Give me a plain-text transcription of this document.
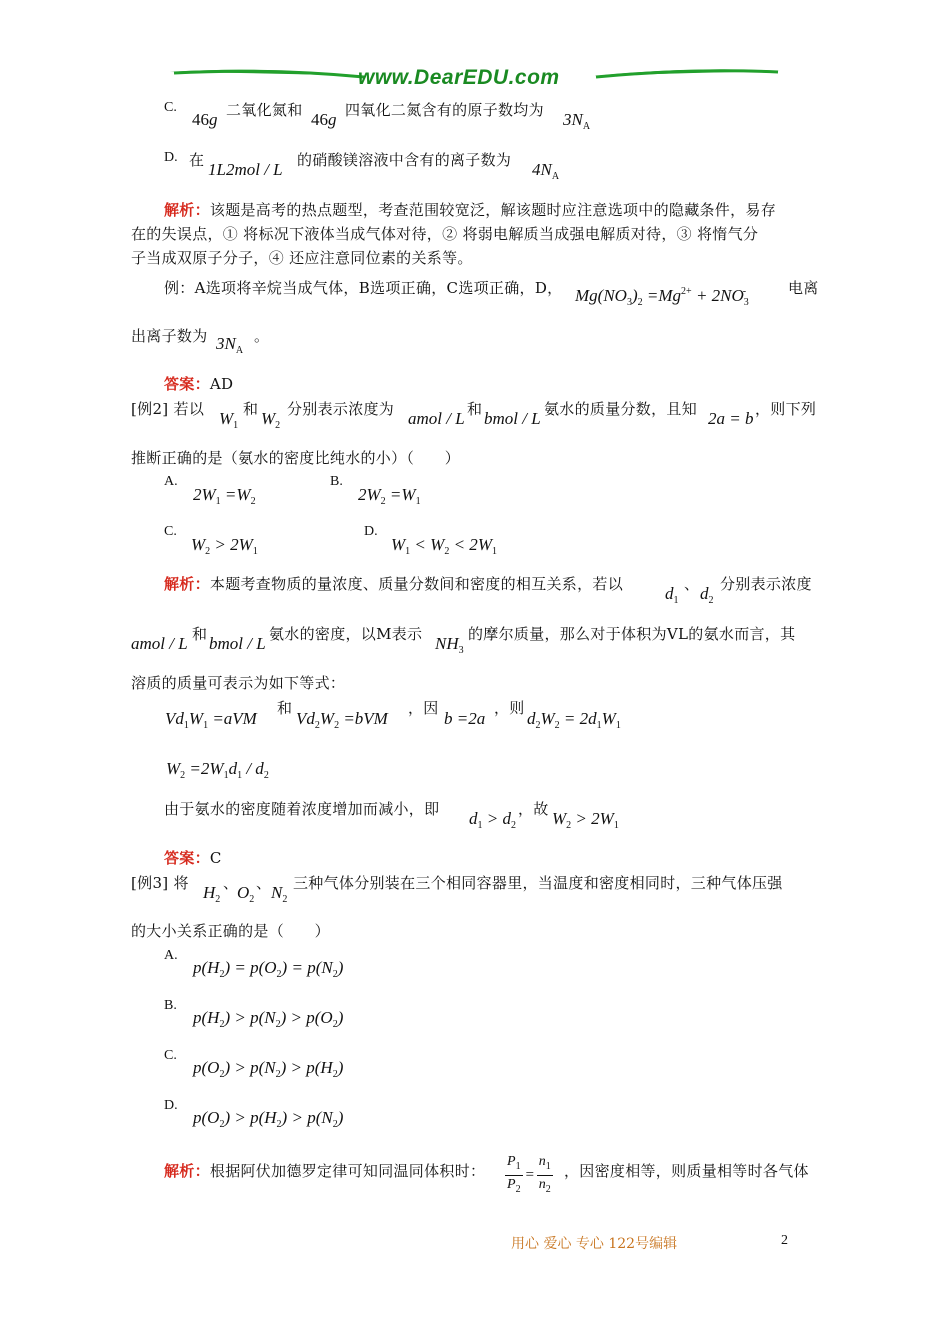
www.DearEDU.com
C.
46g 二氧化氮和 46g 四氧化二氮含有的原子数均为 $3N_A$
D. 在 1L2mol / L 的硝酸镁溶液中含有的离子数为 $4N_A$
解析：该题是高考的热点题型，考查范围较宽泛，解该题时应注意选项中的隐藏条件，易存
在的失误点，① 将标况下液体当成气体对待，② 将弱电解质当成强电解质对待，③ 将惰气分
子当成双原子分子，④ 还应注意同位素的关系等。
例：A选项将辛烷当成气体，B选项正确，C选项正确，D， $Mg(NO_3)_2 =Mg^{2+} + 2NO_3^-$	电离
出离子数为 $3N_A$
。
答案：AD
[例2] 若以 $W_1$
和 $W_2$
分别表示浓度为 amol / L 和 bmol / L 氨水的质量分数，且知 2a = b ，则下列
推断正确的是（氨水的密度比纯水的小）（　　）
A.
$2W_1 =W_2$
B.
$2W_2 =W_1$
C.
$W_2 > 2W_1$
D.
$W_1 < W_2 < 2W_1$
解析：本题考查物质的量浓度、质量分数间和密度的相互关系，若以 $d_1$
、 $d_2$
分别表示浓度
amol / L 和 bmol / L 氨水的密度，以M表示 $NH_3$
的摩尔质量，那么对于体积为VL的氨水而言，其
溶质的质量可表示为如下等式：
$Vd_1W_1 =aVM$
和
$Vd_2W_2 =bVM$
，因
b =2a
，则
$d_2W_2 = 2d_1W_1$
$W_2 =2W_1d_1 / d_2$
由于氨水的密度随着浓度增加而减小，即 $d_1 > d_2$
，故 $W_2 > 2W_1$
答案：C
[例3] 将 $H_2$
、
$O_2$
、 $N_2$
三种气体分别装在三个相同容器里，当温度和密度相同时，三种气体压强
的大小关系正确的是（　　）
A.
$p(H_2) = p(O_2) = p(N_2)$
B.
$p(H_2) > p(N_2) > p(O_2)$
C.
$p(O_2) > p(N_2) > p(H_2)$
D.
$p(O_2) > p(H_2) > p(N_2)$
解析：根据阿伏加德罗定律可知同温同体积时： $\frac{P_1}{P_2} = \frac{n_1}{n_2}$ ，因密度相等，则质量相等时各气体
用心 爱心 专心 122号编辑	2
